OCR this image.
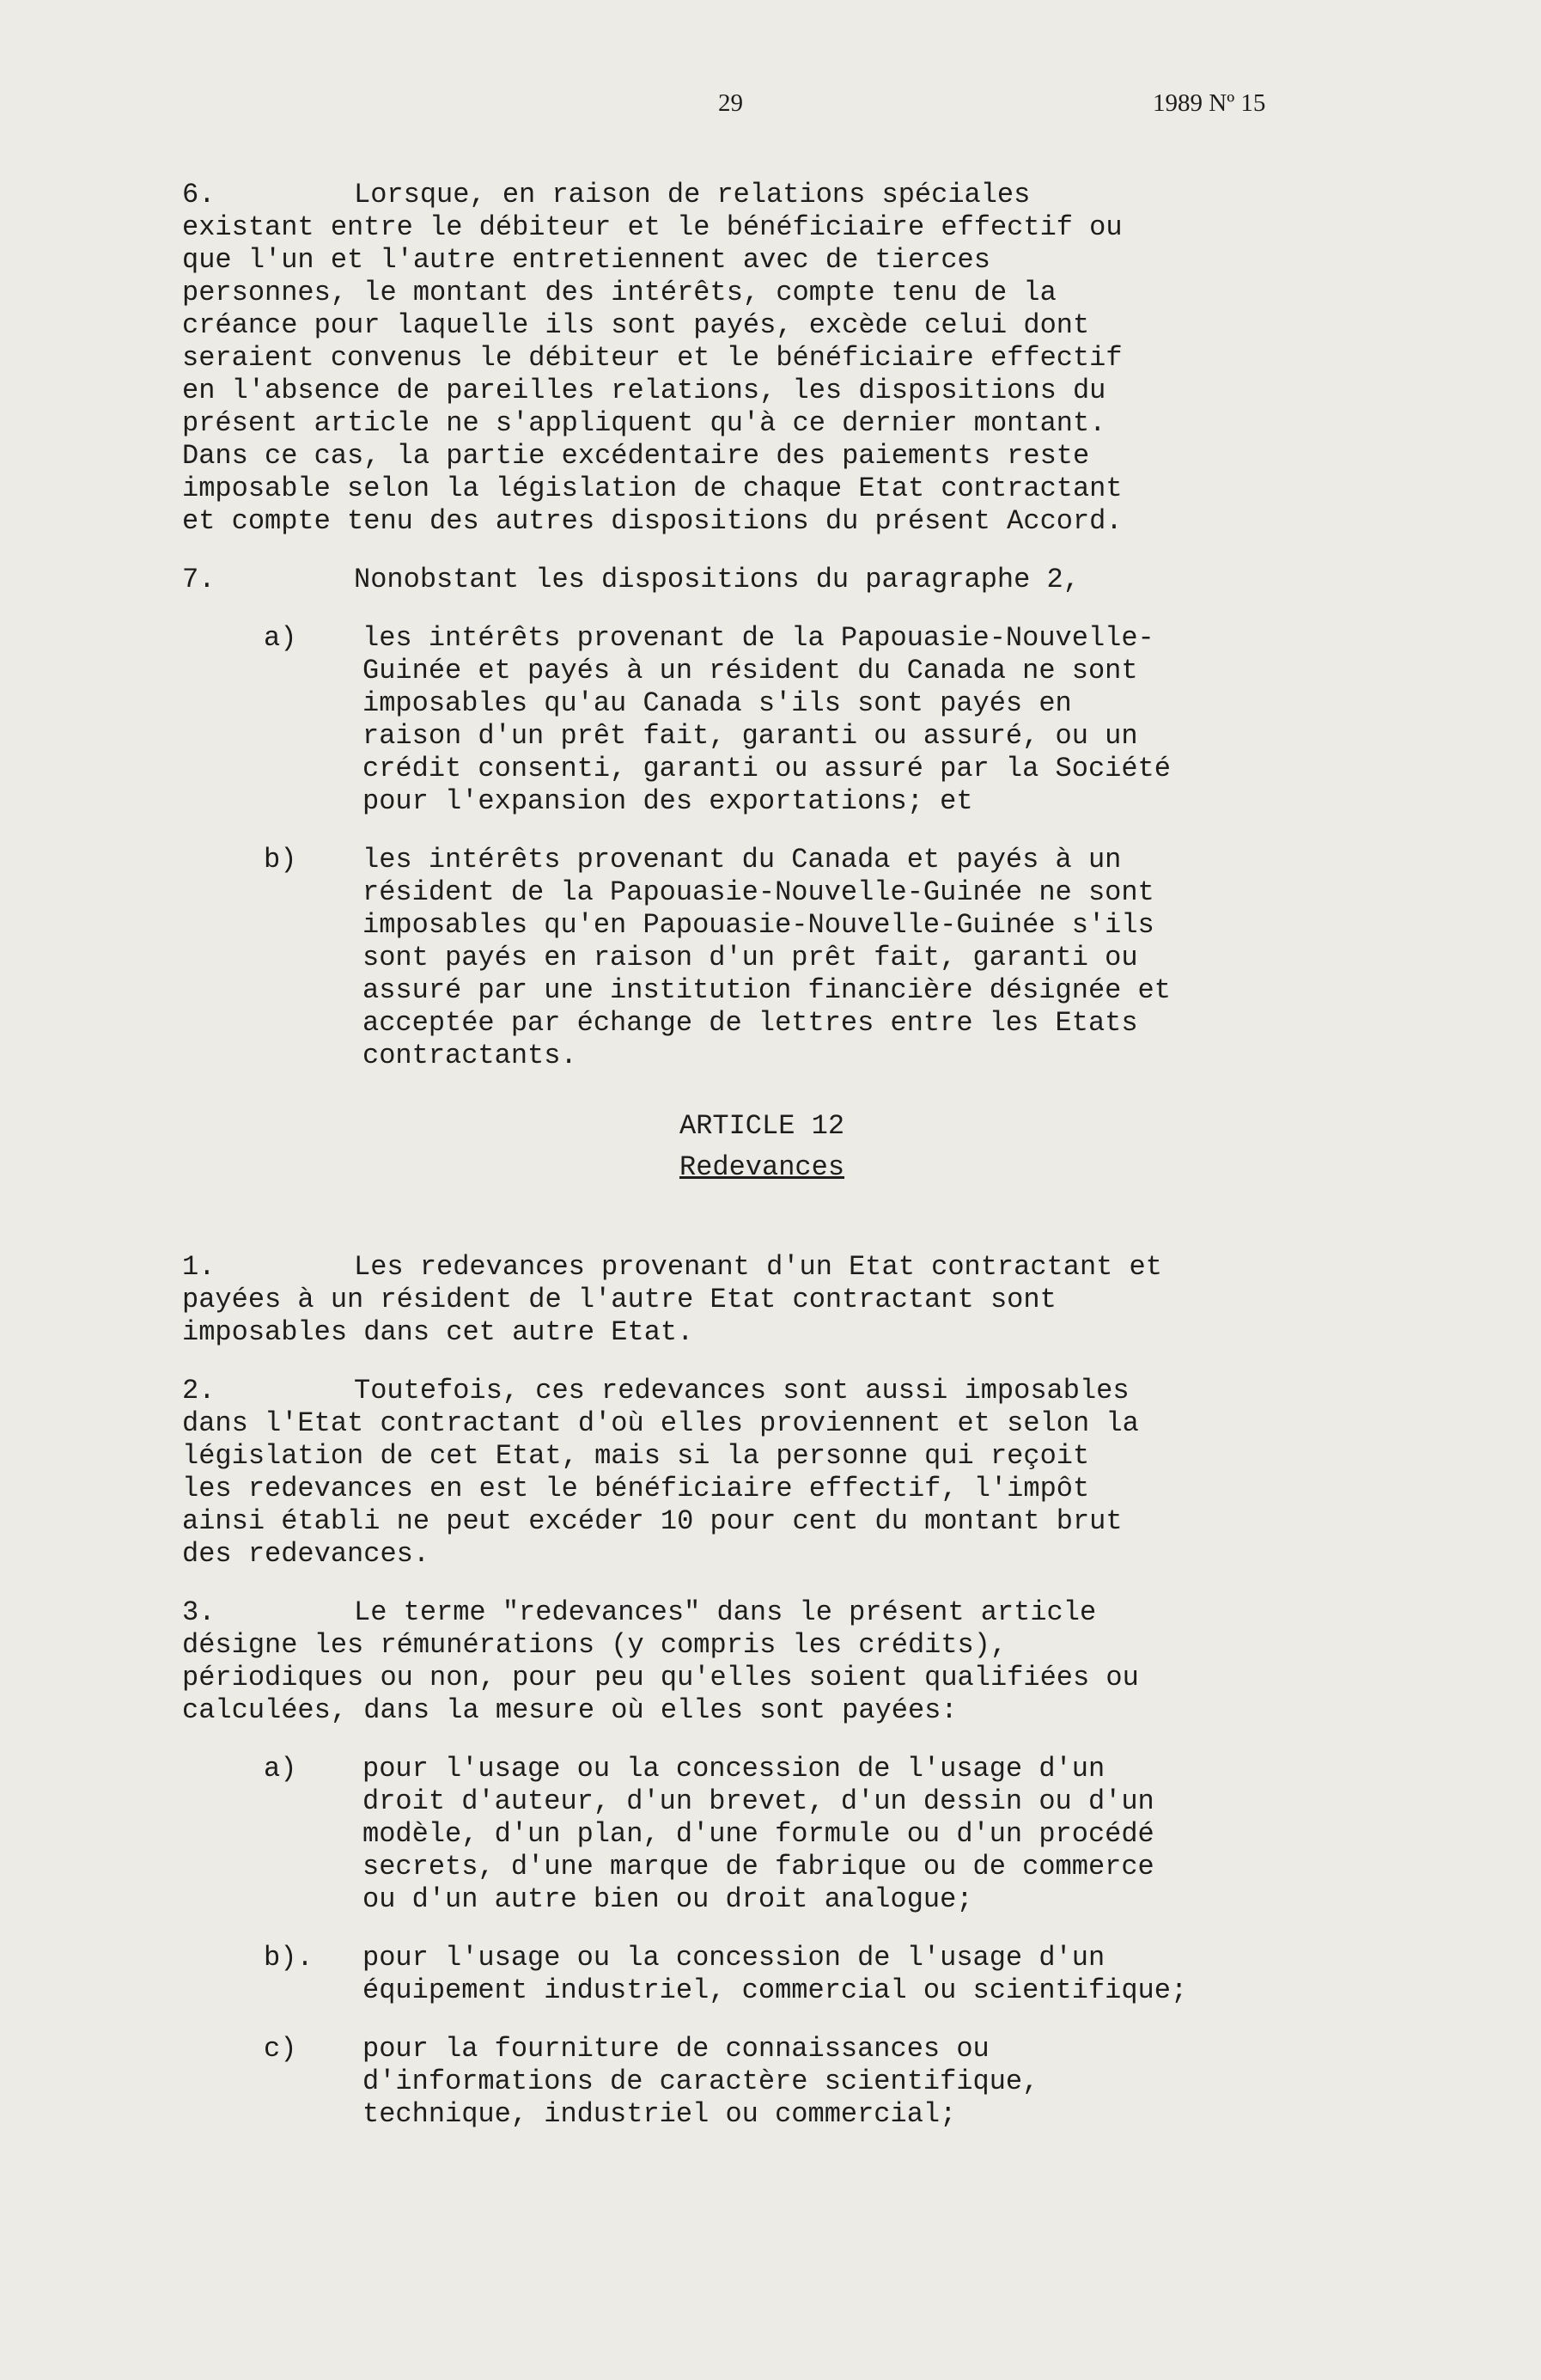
29	1989 Nº 15
6.	Lorsque, en raison de relations spéciales
existant entre le débiteur et le bénéficiaire effectif ou
que l'un et l'autre entretiennent avec de tierces
personnes, le montant des intérêts, compte tenu de la
créance pour laquelle ils sont payés, excède celui dont
seraient convenus le débiteur et le bénéficiaire effectif
en l'absence de pareilles relations, les dispositions du
présent article ne s'appliquent qu'à ce dernier montant.
Dans ce cas, la partie excédentaire des paiements reste
imposable selon la législation de chaque Etat contractant
et compte tenu des autres dispositions du présent Accord.
7.	Nonobstant les dispositions du paragraphe 2,
a) les intérêts provenant de la Papouasie-Nouvelle-
Guinée et payés à un résident du Canada ne sont
imposables qu'au Canada s'ils sont payés en
raison d'un prêt fait, garanti ou assuré, ou un
crédit consenti, garanti ou assuré par la Société
pour l'expansion des exportations; et
b) les intérêts provenant du Canada et payés à un
résident de la Papouasie-Nouvelle-Guinée ne sont
imposables qu'en Papouasie-Nouvelle-Guinée s'ils
sont payés en raison d'un prêt fait, garanti ou
assuré par une institution financière désignée et
acceptée par échange de lettres entre les Etats
contractants.
ARTICLE 12
Redevances
1.	Les redevances provenant d'un Etat contractant et
payées à un résident de l'autre Etat contractant sont
imposables dans cet autre Etat.
2.	Toutefois, ces redevances sont aussi imposables
dans l'Etat contractant d'où elles proviennent et selon la
législation de cet Etat, mais si la personne qui reçoit
les redevances en est le bénéficiaire effectif, l'impôt
ainsi établi ne peut excéder 10 pour cent du montant brut
des redevances.
3.	Le terme "redevances" dans le présent article
désigne les rémunérations (y compris les crédits),
périodiques ou non, pour peu qu'elles soient qualifiées ou
calculées, dans la mesure où elles sont payées:
a) pour l'usage ou la concession de l'usage d'un
droit d'auteur, d'un brevet, d'un dessin ou d'un
modèle, d'un plan, d'une formule ou d'un procédé
secrets, d'une marque de fabrique ou de commerce
ou d'un autre bien ou droit analogue;
b). pour l'usage ou la concession de l'usage d'un
équipement industriel, commercial ou scientifique;
c) pour la fourniture de connaissances ou
d'informations de caractère scientifique,
technique, industriel ou commercial;
